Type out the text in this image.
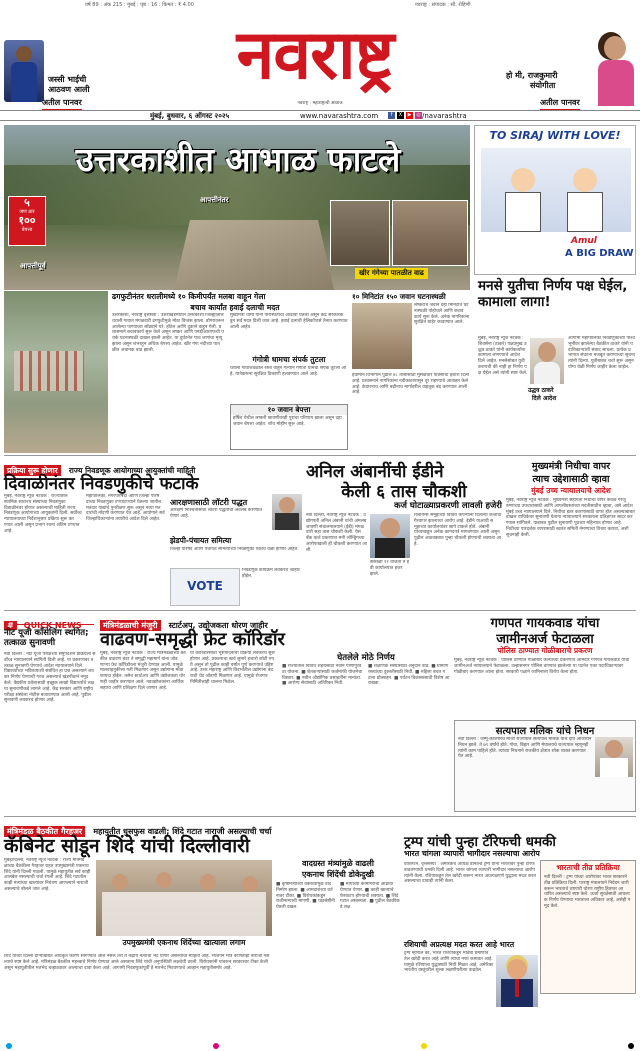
वर्ष 89 : अंक 215 : मुंबई : पृष्ठ : 16 : किंमत : ₹ 4.00	नवराष्ट्र : संपादक : सौ. रोहिणी
जस्सी भाईची
आठवण आली
अतील पानवर
नवराष्ट्र
नवराष्ट्र : महाराष्ट्राची आवाज
हो मी, राजकुमारी
संयोगीता
अतील पानवर
मुंबई, बुधवार, ६ ऑगस्ट २०२५	www.navarashtra.com	f	X	▶ ◎ /navarashtra
उत्तरकाशीत आभाळ फाटले
५
जण ठार
१००
बेपत्ता
आपत्तीपूर्व
आपत्तीनंतर
खीर गंगेच्या पातळीत वाढ
ढगफुटीनंतर धरालीमध्ये १० किमीपर्यंत मलबा वाहून गेला
बचाव कार्यांत हवाई दलाची मदत
उत्तरकाशी, नवराष्ट्र वृत्तसेवा : उत्तराखंडमधील उत्तरकाशी जिल्ह्यातील धराली गावात मंगळवारी ढगफुटीमुळे मोठा विध्वंस झाला. डोंगरावरून आलेल्या पाण्याच्या लोंढ्याने घरे, हॉटेल आणि दुकाने वाहून गेली. प्रशासनाने बचावकार्य सुरू केले असून लष्कर आणि एनडीआरएफची पथके घटनास्थळी दाखल झाली आहेत. या दुर्घटनेत पाच जणांचा मृत्यू झाला असून शंभरहून अधिक बेपत्ता आहेत. खीर गंगा नदीच्या पातळीत अचानक वाढ झाली.
मुख्यमंत्री धामी यांनी परिस्थितीचा आढावा घेतला असून केंद्र सरकारकडून सर्व मदत दिली जात आहे. हवाई दलाची हेलिकॉप्टर्स तैनात करण्यात आली आहेत.
गंगोत्री धामचा संपर्क तुटला
धराली गावाजवळील रस्ता वाहून गेल्याने गंगोत्री धामचा संपर्क तुटला आहे. यात्रेकरूंना सुरक्षित ठिकाणी हलवण्यात आले आहे.
१० जवान बेपत्ता
हर्षिल येथील लष्करी छावणीवरही पुराचा परिणाम झाला असून दहा जवान बेपत्ता आहेत. शोध मोहीम सुरू आहे.
१० मिनिटांत १५० जवान घटनास्थळी
लष्कराचे जवान दहा मिनिटांत घटनास्थळी पोहोचले आणि बचावकार्य सुरू केले. अनेक नागरिकांना सुरक्षित बाहेर काढण्यात आले.
हवामान विभागाने पुढील ४८ तासांसाठी मुसळधार पावसाचा इशारा दिला आहे. प्रशासनाने नागरिकांना नदीकाठापासून दूर राहण्याचे आवाहन केले आहे. केदारनाथ आणि बद्रीनाथ मार्गावरील वाहतूक बंद करण्यात आली आहे.
TO SIRAJ WITH LOVE!
Amul
A BIG DRAW
मनसे युतीचा निर्णय पक्ष घेईल, कामाला लागा!
मुंबई, नवराष्ट्र न्यूज नेटवर्क : शिवसेना (ठाकरे) पक्षप्रमुख उद्धव ठाकरे यांनी कार्यकर्त्यांना कामाला लागण्याचे आदेश दिले आहेत. मनसेसोबत युती करायची की नाही हा निर्णय पक्ष घेईल असे त्यांनी स्पष्ट केले.
उद्धव ठाकरे
दिले आदेश
आगामी महापालिका निवडणुकांच्या पार्श्वभूमीवर झालेल्या बैठकीत ठाकरे यांनी पदाधिकाऱ्यांशी संवाद साधला. प्रत्येक प्रभागात संघटना मजबूत करण्याच्या सूचना त्यांनी दिल्या. युतीबाबत चर्चा सुरू असून योग्य वेळी निर्णय जाहीर केला जाईल.
प्रक्रिया सुरू होणार राज्य निवडणूक आयोगाच्या आयुक्तांची माहिती
दिवाळीनंतर निवडणुकीचे फटाके
मुंबई, नवराष्ट्र न्यूज नेटवर्क : राज्यातील स्थानिक स्वराज्य संस्थांच्या निवडणुका दिवाळीनंतर होणार असल्याची माहिती राज्य निवडणूक आयोगाच्या आयुक्तांनी दिली. सर्वोच्च न्यायालयाच्या निर्देशानुसार प्रक्रिया सुरू करण्यात आली असून प्रभाग रचना अंतिम टप्प्यात आहे.
महापालिका, नगरपरिषदा आणि जिल्हा परिषदांच्या निवडणुका टप्प्याटप्प्याने घेतल्या जातील. मतदार याद्यांचे पुनरीक्षण सुरू असून नव्या मतदारांची नोंदणी करण्यात येत आहे. आयोगाने सर्व जिल्हाधिकाऱ्यांना तयारीचे आदेश दिले आहेत.
आरक्षणासाठी लॉटरी पद्धत
आरक्षण निश्चितीसाठी लॉटरी पद्धतीचा अवलंब करण्यात येणार आहे.
झेडपी-पंचायत समित्या
जिल्हा परिषद आणि पंचायत समित्यांच्या निवडणुका एकाच वेळी होणार आहेत.
VOTE
निवडणूक कार्यक्रम लवकरच जाहीर होईल.
अनिल अंबानींची ईडीने
केली ६ तास चौकशी
कर्ज घोटाळ्याप्रकरणी लावली हजेरी
नवी दिल्ली, नवराष्ट्र न्यूज नेटवर्क : उद्योगपती अनिल अंबानी यांची अंमलबजावणी संचालनालयाने (ईडी) मंगळवारी सहा तास चौकशी केली. येस बँक कर्ज प्रकरणात मनी लॉन्ड्रिंगच्या आरोपाखाली ही चौकशी करण्यात आली.
सकाळी ११ वाजता ते ईडी कार्यालयात हजर झाले.
रिलायन्स समूहाच्या विविध कंपन्यांना दिलेल्या कर्जाचा गैरवापर झाल्याचा आरोप आहे. ईडीने याआधी समूहाच्या कार्यालयांवर छापे टाकले होते. अंबानी यांच्याकडून अनेक कागदपत्रे मागवण्यात आली असून पुढील आठवड्यात पुन्हा चौकशी होण्याची शक्यता आहे.
मुख्यमंत्री निधीचा वापर
त्याच उद्देशासाठी व्हावा
मुंबई उच्च न्यायालयाचे आदेश
मुंबई, नवराष्ट्र न्यूज नेटवर्क : मुख्यमंत्री सहायता निधीचा वापर केवळ गरजू रुग्णांच्या उपचारासाठी आणि आपत्तीग्रस्तांच्या मदतीसाठीच व्हावा, असे आदेश मुंबई उच्च न्यायालयाने दिले. निधीचा इतर कारणांसाठी वापर होत असल्याबाबत दाखल याचिकेवर सुनावणी घेताना न्यायालयाने सरकारला प्रतिज्ञापत्र सादर करण्यास सांगितले. याबाबत पुढील सुनावणी पुढच्या महिन्यात होणार आहे. निधीच्या पारदर्शक वापरासाठी स्वतंत्र समिती नेमण्याचा विचार करावा, अशी सूचनाही केली.
# QUICK NEWS
नीट यूजी काँसेलिंग स्थगित; तत्काळ सुनावणी
नवी दिल्ली : नीट यूजी परीक्षेच्या समुपदेशन प्रक्रियेला सर्वोच्च न्यायालयाने स्थगिती दिली आहे. या प्रकरणावर तत्काळ सुनावणी घेण्याचे आदेश न्यायालयाने दिले. विद्यार्थ्यांच्या भवितव्याशी संबंधित हा प्रश्न असल्याने लवकर निर्णय घेण्याची गरज असल्याचे खंडपीठाने नमूद केले. वैद्यकीय प्रवेशासाठी इच्छुक लाखो विद्यार्थ्यांचे लक्ष या सुनावणीकडे लागले आहे. केंद्र सरकार आणि राष्ट्रीय परीक्षा संस्थेला नोटीस बजावण्यात आली आहे. पुढील सुनावणी लवकरच होणार आहे.
मंत्रिमंडळाची मंजुरी स्टार्टअप, उद्योजकता धोरण जाहीर
वाढवण-समृद्धी फ्रेट कॉरिडॉर
मुंबई, नवराष्ट्र न्यूज नेटवर्क : राज्य मंत्रिमंडळाच्या बैठकीत वाढवण बंदर ते समृद्धी महामार्ग यांना जोडणाऱ्या फ्रेट कॉरिडॉरला मंजुरी देण्यात आली. यामुळे मालवाहतुकीला गती मिळणार असून उद्योगांना मोठा फायदा होईल. तसेच स्टार्टअप आणि उद्योजकता धोरणही जाहीर करण्यात आले. नवउद्योजकांना आर्थिक सहाय्य आणि प्रशिक्षण दिले जाणार आहे.
या कॉरिडॉरसाठी भूसंपादनाची प्रक्रिया लवकरच सुरू होणार आहे. प्रकल्पाचा खर्च सुमारे हजारो कोटी रुपये असून तो पुढील काही वर्षांत पूर्ण करण्याचे उद्दिष्ट आहे. उत्तर महाराष्ट्र आणि विदर्भातील उद्योगांना बंदराशी थेट जोडणी मिळणार आहे. यामुळे रोजगारनिर्मितीलाही चालना मिळेल.
घेतलेले मोठे निर्णय
■ राज्यातील विविध शहरांसाठी नवीन पाणीपुरवठा योजना. ■ शेतकऱ्यांसाठी कर्जमाफी योजनेचा विस्तार. ■ नवीन औद्योगिक वसाहतींना मान्यता. ■ आरोग्य सेवांसाठी अतिरिक्त निधी.
■ शैक्षणिक संस्थांसाठी अनुदान वाढ. ■ ग्रामीण रस्त्यांच्या दुरुस्तीसाठी निधी. ■ महिला बचत गटांना प्रोत्साहन. ■ पर्यटन विकासासाठी विशेष आराखडा.
गणपत गायकवाड यांचा
जामीनअर्ज फेटाळला
पोलिस ठाण्यात गोळीबाराचे प्रकरण
मुंबई, नवराष्ट्र न्यूज नेटवर्क : पोलिस ठाण्यात गोळीबार केल्याच्या प्रकरणात आमदार गणपत गायकवाड यांचा जामीनअर्ज न्यायालयाने फेटाळला. उल्हासनगर पोलिस ठाण्यात झालेल्या या घटनेत एका पदाधिकाऱ्यावर गोळीबार करण्यात आला होता. सरकारी पक्षाने जामिनाला विरोध केला होता.
सत्यपाल मलिक यांचे निधन
नवी दिल्ली : जम्मू-काश्मीरचे माजी राज्यपाल सत्यपाल मलिक यांचे दीर्घ आजाराने निधन झाले. ते ७९ वर्षांचे होते. गोवा, बिहार आणि मेघालयचे राज्यपाल म्हणूनही त्यांनी काम पाहिले होते. त्यांच्या निधनाने राजकीय क्षेत्रात शोक व्यक्त करण्यात येत आहे.
मंत्रिमंडळ बैठकीत गैरहजर महायुतीत धुसफुस वाढली; शिंदे गटात नाराजी असल्याची चर्चा
कॅबिनेट सोडून शिंदे यांची दिल्लीवारी
मुंबई/दिल्ली, नवराष्ट्र न्यूज नेटवर्क : राज्य मंत्रिमंडळाच्या बैठकीला गैरहजर राहत उपमुख्यमंत्री एकनाथ शिंदे यांनी दिल्ली गाठली. यामुळे महायुतीत सर्व काही आलबेल नसल्याची चर्चा रंगली आहे. शिंदे गटातील काही मंत्र्यांच्या खात्यांवर नियंत्रण आणल्याने नाराजी असल्याचे बोलले जात आहे.
उपमुख्यमंत्री एकनाथ शिंदेंच्या खात्याला लगाम
शिंदे यांच्या दिल्ली दौऱ्याबाबत अधिकृत कारण सांगण्यात आले नसले तरी ते केंद्रीय नेत्यांची भेट घेणार असल्याची माहिती आहे. भाजपने मात्र कोणतीही नाराजी नसल्याचे स्पष्ट केले आहे. मंत्रिमंडळ बैठकीत महत्त्वाचे निर्णय घेण्यात आले असताना शिंदे यांची अनुपस्थिती लक्षवेधी ठरली. विरोधकांनी यावरून सरकारवर टीका केली असून महायुतीतील मतभेद चव्हाट्यावर आल्याचा दावा केला आहे. आगामी निवडणुकांपूर्वी हे मतभेद मिटवण्याचे आव्हान महायुतीसमोर आहे.
वादग्रस्त मंत्र्यांमुळे वाढली
एकनाथ शिंदेंची डोकेदुखी
■ कृषीमंत्र्यांच्या वक्तव्यामुळे वाद निर्माण झाला. ■ आमदारांच्या वर्तनावर टीका. ■ विरोधकांकडून राजीनाम्याची मागणी. ■ पक्षश्रेष्ठींनी घेतली दखल.
■ मंत्र्यांच्या कामगिरीचा आढावा घेण्यात येणार. ■ काही खात्यांचे फेरवाटप होण्याची शक्यता. ■ शिंदे गटात अस्वस्थता. ■ पुढील बैठकीकडे लक्ष.
ट्रम्प यांची पुन्हा टॅरिफची धमकी
भारत चांगला व्यापारी भागीदार नसल्याचा आरोप
वॉशिंग्टन, वृत्तसंस्था : अमेरिकेचे अध्यक्ष डोनाल्ड ट्रम्प यांनी भारतावर पुन्हा टॅरिफ वाढवण्याची धमकी दिली आहे. भारत चांगला व्यापारी भागीदार नसल्याचा आरोप त्यांनी केला. रशियाकडून तेल खरेदी करून भारत अप्रत्यक्षपणे युद्धाला मदत करत असल्याचा दावाही त्यांनी केला.
भारताची तीव्र प्रतिक्रिया
नवी दिल्ली : ट्रम्प यांच्या आरोपांवर भारत सरकारने तीव्र प्रतिक्रिया दिली. परराष्ट्र मंत्रालयाने निवेदन जारी करून भारताचे व्यापारी धोरण राष्ट्रीय हितावर आधारित असल्याचे स्पष्ट केले. ऊर्जा सुरक्षेसाठी आवश्यक निर्णय घेण्याचा भारताला अधिकार आहे, असेही नमूद केले.
रशियाची अप्रत्यक्ष मदत करत आहे भारत
ट्रम्प म्हणाले की, भारत रशियाकडून मोठ्या प्रमाणात तेल खरेदी करत आहे आणि त्याचा नफा कमावत आहे. यामुळे रशियाला युद्धासाठी निधी मिळत आहे. अमेरिका भारतीय वस्तूंवरील शुल्क लक्षणीयरीत्या वाढवेल.
